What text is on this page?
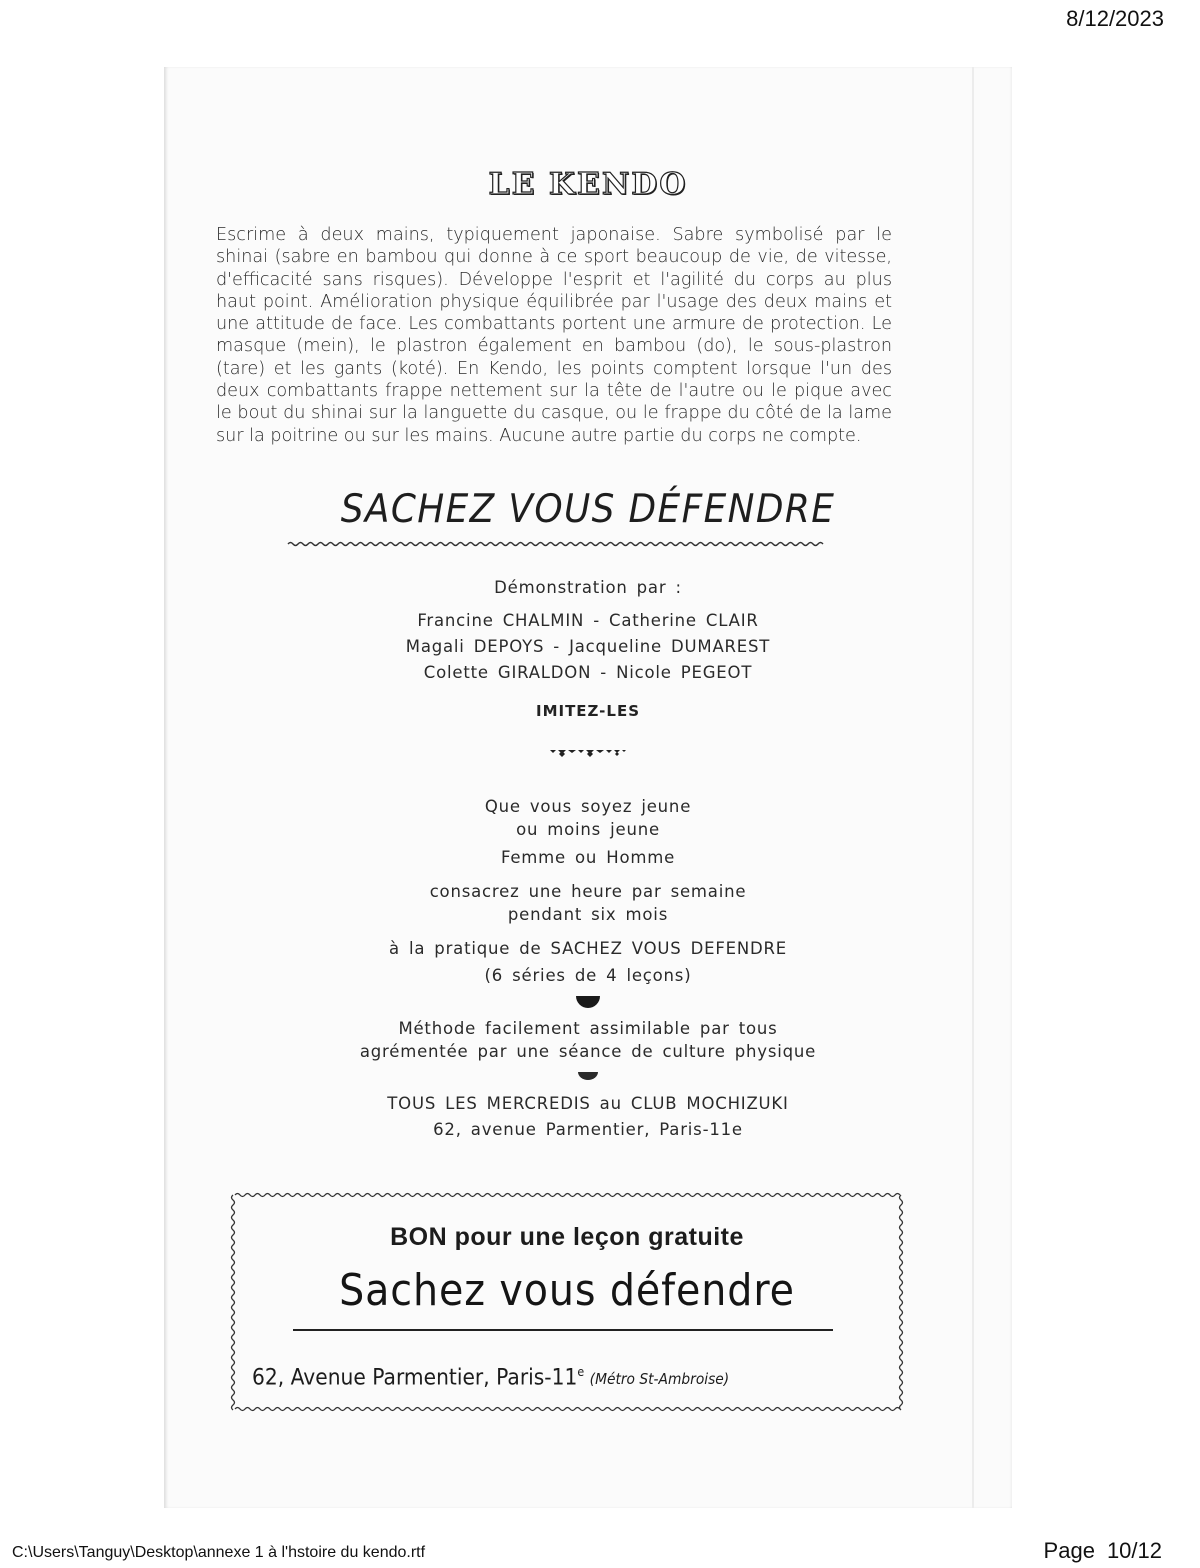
8/12/2023
LE KENDO

Escrime à deux mains, typiquement japonaise. Sabre symbolisé par le shinai (sabre en bambou qui donne à ce sport beaucoup de vie, de vitesse, d'efficacité sans risques). Développe l'esprit et l'agilité du corps au plus haut point. Amélioration physique équilibrée par l'usage des deux mains et une attitude de face. Les combattants portent une armure de protection. Le masque (mein), le plastron également en bambou (do), le sous-plastron (tare) et les gants (koté). En Kendo, les points comptent lorsque l'un des deux combattants frappe nettement sur la tête de l'autre ou le pique avec le bout du shinai sur la languette du casque, ou le frappe du côté de la lame sur la poitrine ou sur les mains. Aucune autre partie du corps ne compte.

SACHEZ VOUS DÉFENDRE
Démonstration par :
Francine CHALMIN - Catherine CLAIR
Magali DEPOYS - Jacqueline DUMAREST
Colette GIRALDON - Nicole PEGEOT
IMITEZ-LES
Que vous soyez jeune
ou moins jeune
Femme ou Homme
consacrez une heure par semaine
pendant six mois
à la pratique de SACHEZ VOUS DEFENDRE
(6 séries de 4 leçons)
Méthode facilement assimilable par tous
agrémentée par une séance de culture physique
TOUS LES MERCREDIS au CLUB MOCHIZUKI
62, avenue Parmentier, Paris-11e
BON pour une leçon gratuite
Sachez vous défendre
62, Avenue Parmentier, Paris-11e (Métro St-Ambroise)
C:\Users\Tanguy\Desktop\annexe 1 à l'hstoire du kendo.rtf	Page 10/12
